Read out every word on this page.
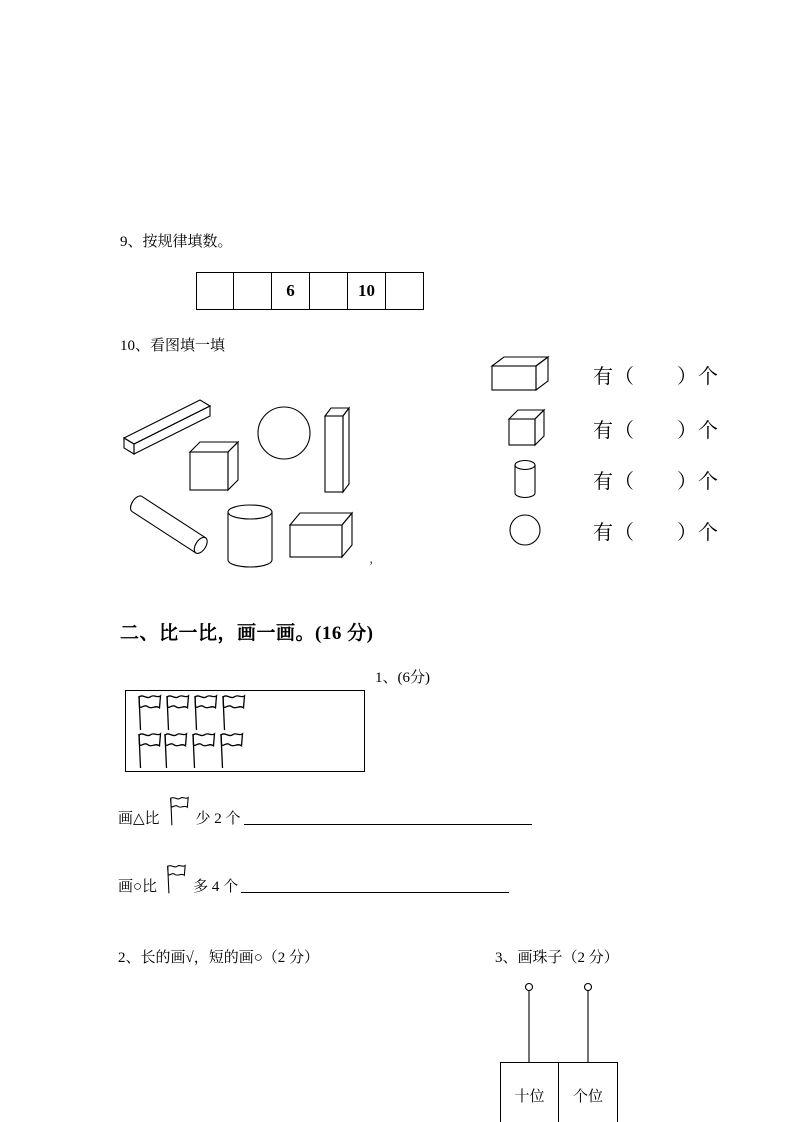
9、按规律填数。
6	10
10、看图填一填
ʼ
有（　　）个
有（　　）个
有（　　）个
有（　　）个
二、比一比，画一画。(16 分)
1、(6分)
画△比 少 2 个
画○比 多 4 个
2、长的画√，短的画○（2 分）	3、画珠子（2 分）
十位 个位
